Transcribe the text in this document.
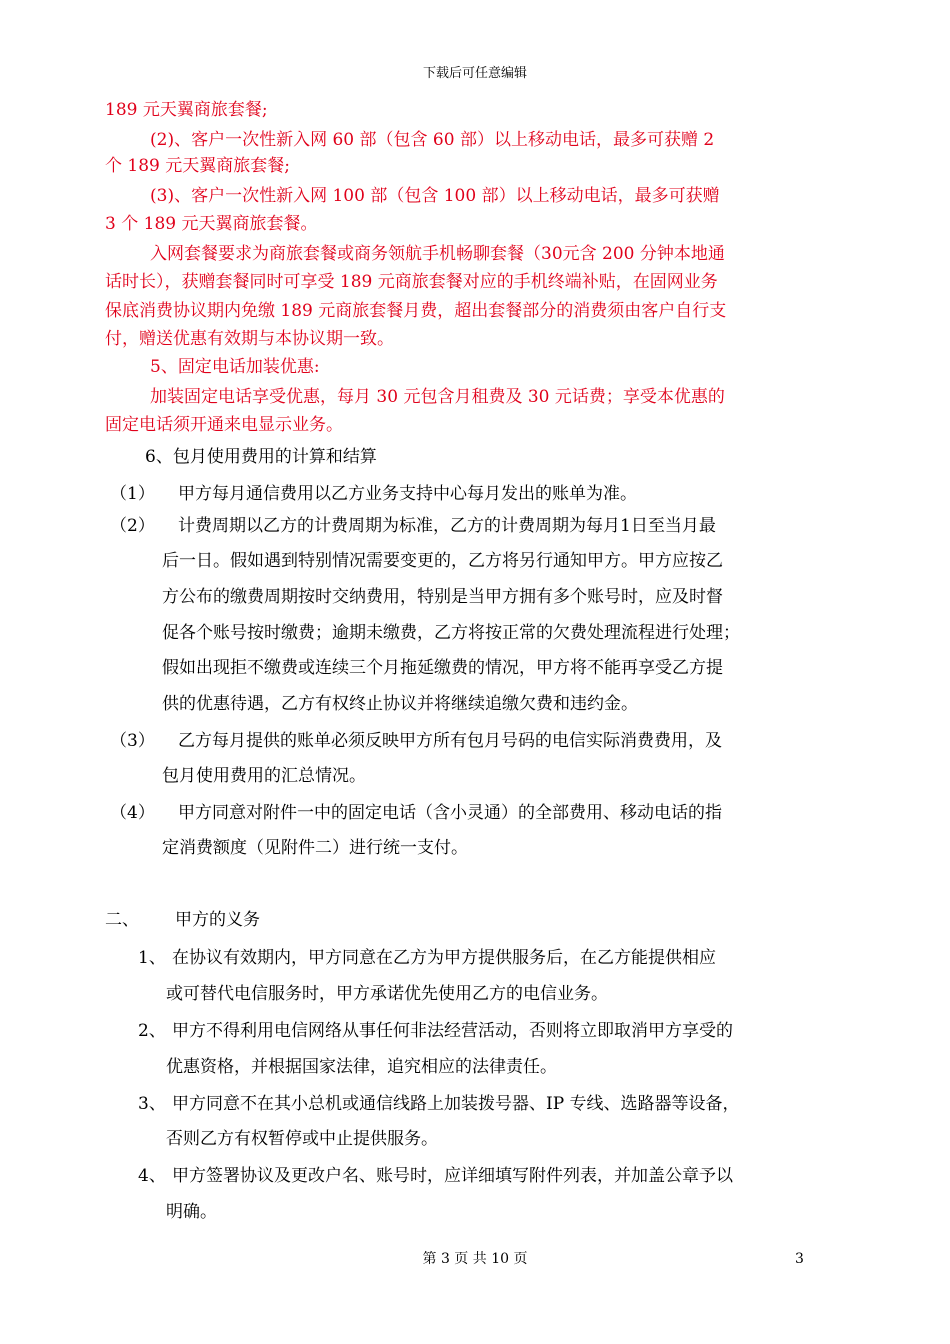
下载后可任意编辑
189 元天翼商旅套餐;
(2)、客户一次性新入网 60 部（包含 60 部）以上移动电话，最多可获赠 2
个 189 元天翼商旅套餐;
(3)、客户一次性新入网 100 部（包含 100 部）以上移动电话，最多可获赠
3 个 189 元天翼商旅套餐。
入网套餐要求为商旅套餐或商务领航手机畅聊套餐（30元含 200 分钟本地通
话时长），获赠套餐同时可享受 189 元商旅套餐对应的手机终端补贴，在固网业务
保底消费协议期内免缴 189 元商旅套餐月费，超出套餐部分的消费须由客户自行支
付，赠送优惠有效期与本协议期一致。
5、固定电话加装优惠:
加装固定电话享受优惠，每月 30 元包含月租费及 30 元话费；享受本优惠的
固定电话须开通来电显示业务。
6、包月使用费用的计算和结算
（1） 甲方每月通信费用以乙方业务支持中心每月发出的账单为准。
（2） 计费周期以乙方的计费周期为标准，乙方的计费周期为每月1日至当月最
后一日。假如遇到特别情况需要变更的，乙方将另行通知甲方。甲方应按乙
方公布的缴费周期按时交纳费用，特别是当甲方拥有多个账号时，应及时督
促各个账号按时缴费；逾期未缴费，乙方将按正常的欠费处理流程进行处理；
假如出现拒不缴费或连续三个月拖延缴费的情况，甲方将不能再享受乙方提
供的优惠待遇，乙方有权终止协议并将继续追缴欠费和违约金。
（3） 乙方每月提供的账单必须反映甲方所有包月号码的电信实际消费费用，及
包月使用费用的汇总情况。
（4） 甲方同意对附件一中的固定电话（含小灵通）的全部费用、移动电话的指
定消费额度（见附件二）进行统一支付。
二、 甲方的义务
1、 在协议有效期内，甲方同意在乙方为甲方提供服务后，在乙方能提供相应
或可替代电信服务时，甲方承诺优先使用乙方的电信业务。
2、 甲方不得利用电信网络从事任何非法经营活动，否则将立即取消甲方享受的
优惠资格，并根据国家法律，追究相应的法律责任。
3、 甲方同意不在其小总机或通信线路上加装拨号器、IP 专线、选路器等设备，
否则乙方有权暂停或中止提供服务。
4、 甲方签署协议及更改户名、账号时，应详细填写附件列表，并加盖公章予以
明确。
第 3 页 共 10 页	3
